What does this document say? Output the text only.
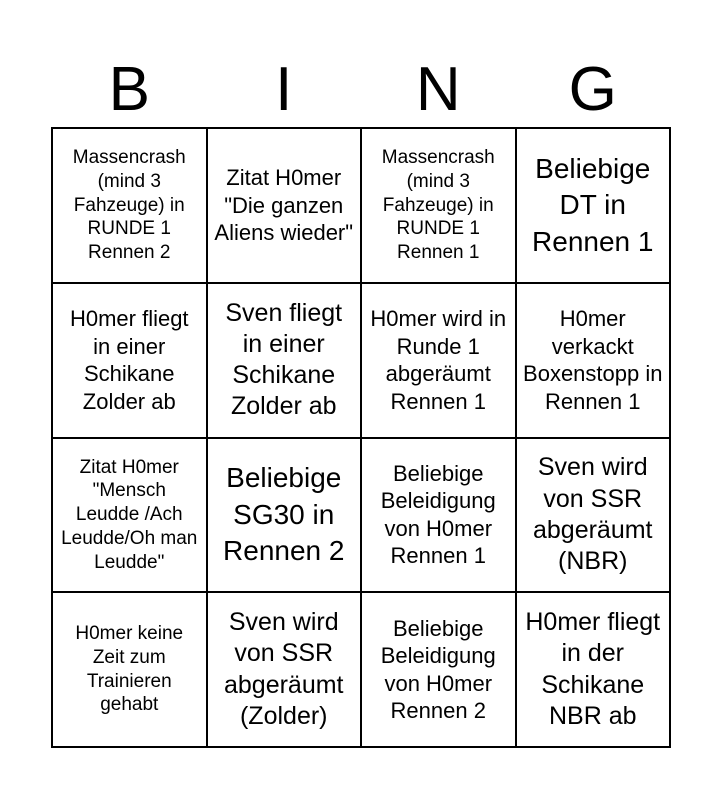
B	I	N	G
Massencrash (mind 3 Fahzeuge) in RUNDE 1 Rennen 2
Zitat H0mer "Die ganzen Aliens wieder"
Massencrash (mind 3 Fahzeuge) in RUNDE 1 Rennen 1
Beliebige DT in Rennen 1
H0mer fliegt in einer Schikane Zolder ab
Sven fliegt in einer Schikane Zolder ab
H0mer wird in Runde 1 abgeräumt Rennen 1
H0mer verkackt Boxenstopp in Rennen 1
Zitat H0mer "Mensch Leudde /Ach Leudde/Oh man Leudde"
Beliebige SG30 in Rennen 2
Beliebige Beleidigung von H0mer Rennen 1
Sven wird von SSR abgeräumt (NBR)
H0mer keine Zeit zum Trainieren gehabt
Sven wird von SSR abgeräumt (Zolder)
Beliebige Beleidigung von H0mer Rennen 2
H0mer fliegt in der Schikane NBR ab
